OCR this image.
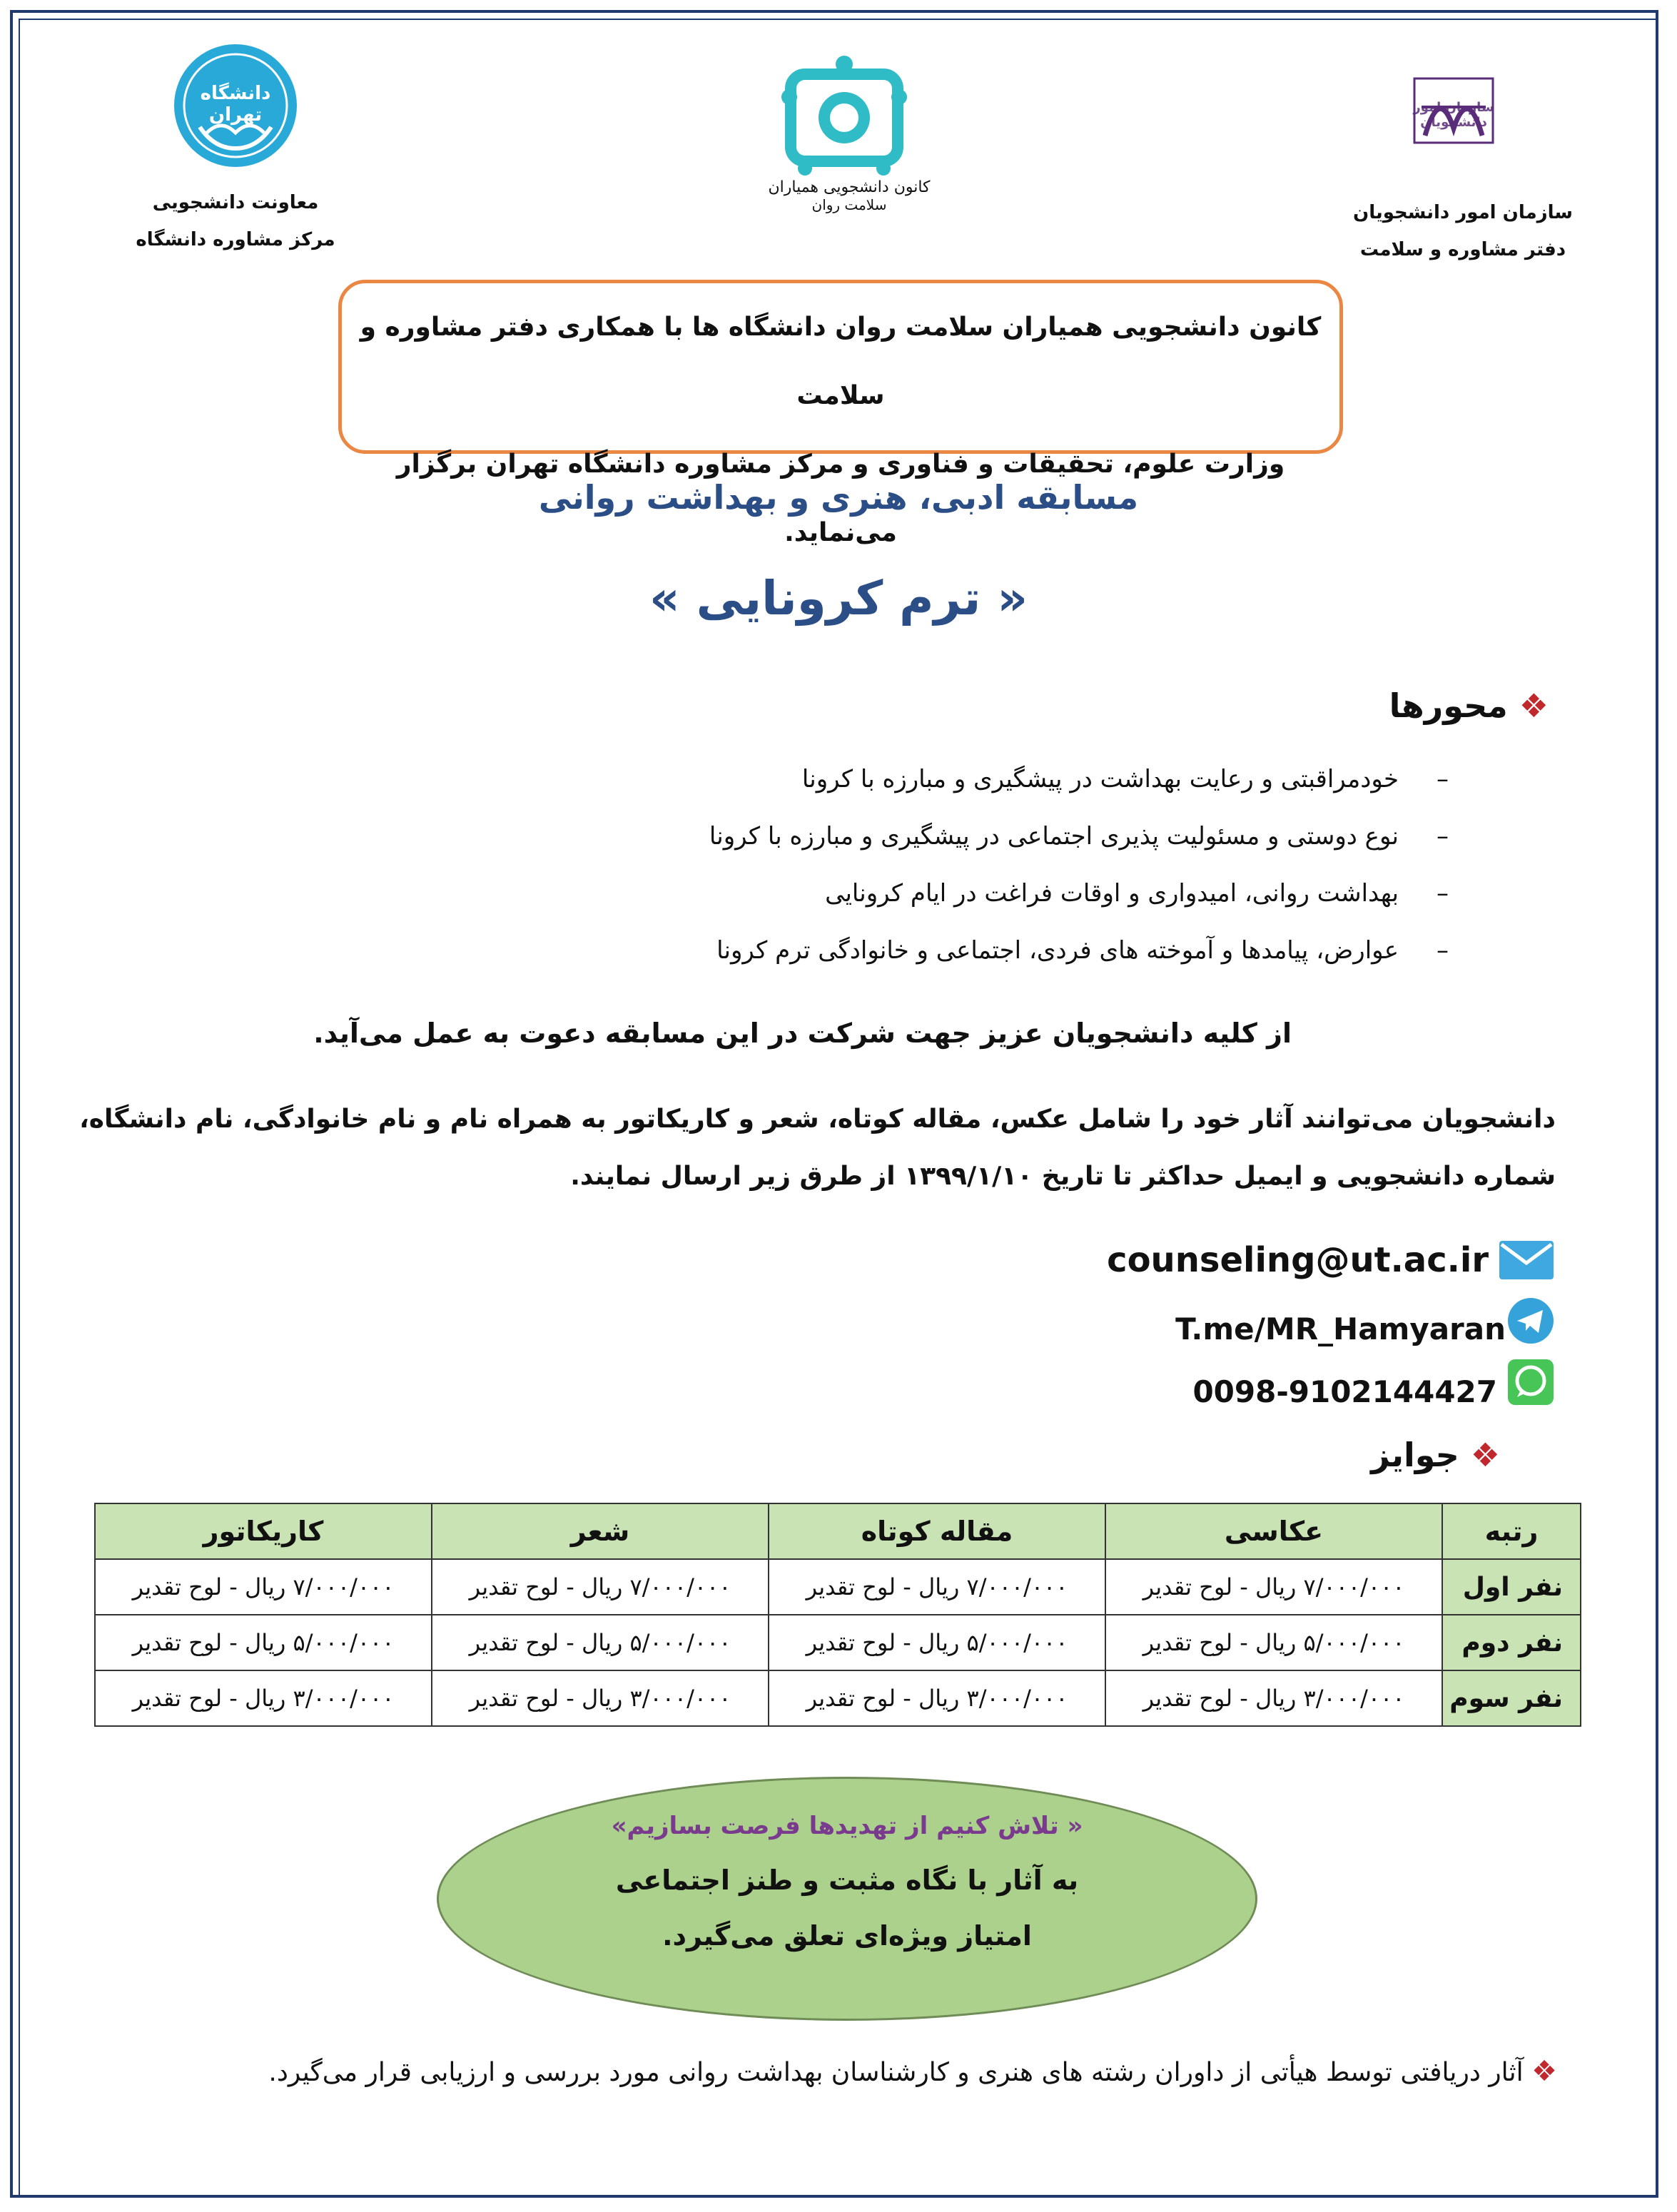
دانشگاه تهران
معاونت دانشجویی
مرکز مشاوره دانشگاه
کانون دانشجویی همیاران
سلامت روان
سازمان امور دانشجویان
سازمان امور دانشجویان
دفتر مشاوره و سلامت
کانون دانشجویی همیاران سلامت روان دانشگاه ها با همکاری دفتر مشاوره و سلامت
وزارت علوم، تحقیقات و فناوری و مرکز مشاوره دانشگاه تهران برگزار می‌نماید.
مسابقه ادبی، هنری و بهداشت روانی
« ترم کرونایی »
❖ محورها
–خودمراقبتی و رعایت بهداشت در پیشگیری و مبارزه با کرونا
–نوع دوستی و مسئولیت پذیری اجتماعی در پیشگیری و مبارزه با کرونا
–بهداشت روانی، امیدواری و اوقات فراغت در ایام کرونایی
–عوارض، پیامدها و آموخته های فردی، اجتماعی و خانوادگی ترم کرونا
از کلیه دانشجویان عزیز جهت شرکت در این مسابقه دعوت به عمل می‌آید.
دانشجویان می‌توانند آثار خود را شامل عکس، مقاله کوتاه، شعر و کاریکاتور به همراه نام و نام خانوادگی، نام دانشگاه،
شماره دانشجویی و ایمیل حداکثر تا تاریخ ۱۳۹۹/۱/۱۰ از طرق زیر ارسال نمایند.
counseling@ut.ac.ir
T.me/MR_Hamyaran
0098-9102144427
❖ جوایز
رتبه	عکاسی	مقاله کوتاه	شعر	کاریکاتور
نفر اول	۷/۰۰۰/۰۰۰ ریال - لوح تقدیر	۷/۰۰۰/۰۰۰ ریال - لوح تقدیر	۷/۰۰۰/۰۰۰ ریال - لوح تقدیر	۷/۰۰۰/۰۰۰ ریال - لوح تقدیر
نفر دوم	۵/۰۰۰/۰۰۰ ریال - لوح تقدیر	۵/۰۰۰/۰۰۰ ریال - لوح تقدیر	۵/۰۰۰/۰۰۰ ریال - لوح تقدیر	۵/۰۰۰/۰۰۰ ریال - لوح تقدیر
نفر سوم	۳/۰۰۰/۰۰۰ ریال - لوح تقدیر	۳/۰۰۰/۰۰۰ ریال - لوح تقدیر	۳/۰۰۰/۰۰۰ ریال - لوح تقدیر	۳/۰۰۰/۰۰۰ ریال - لوح تقدیر
« تلاش کنیم از تهدیدها فرصت بسازیم»
به آثار با نگاه مثبت و طنز اجتماعی
امتیاز ویژه‌ای تعلق می‌گیرد.
❖ آثار دریافتی توسط هیأتی از داوران رشته های هنری و کارشناسان بهداشت روانی مورد بررسی و ارزیابی قرار می‌گیرد.
